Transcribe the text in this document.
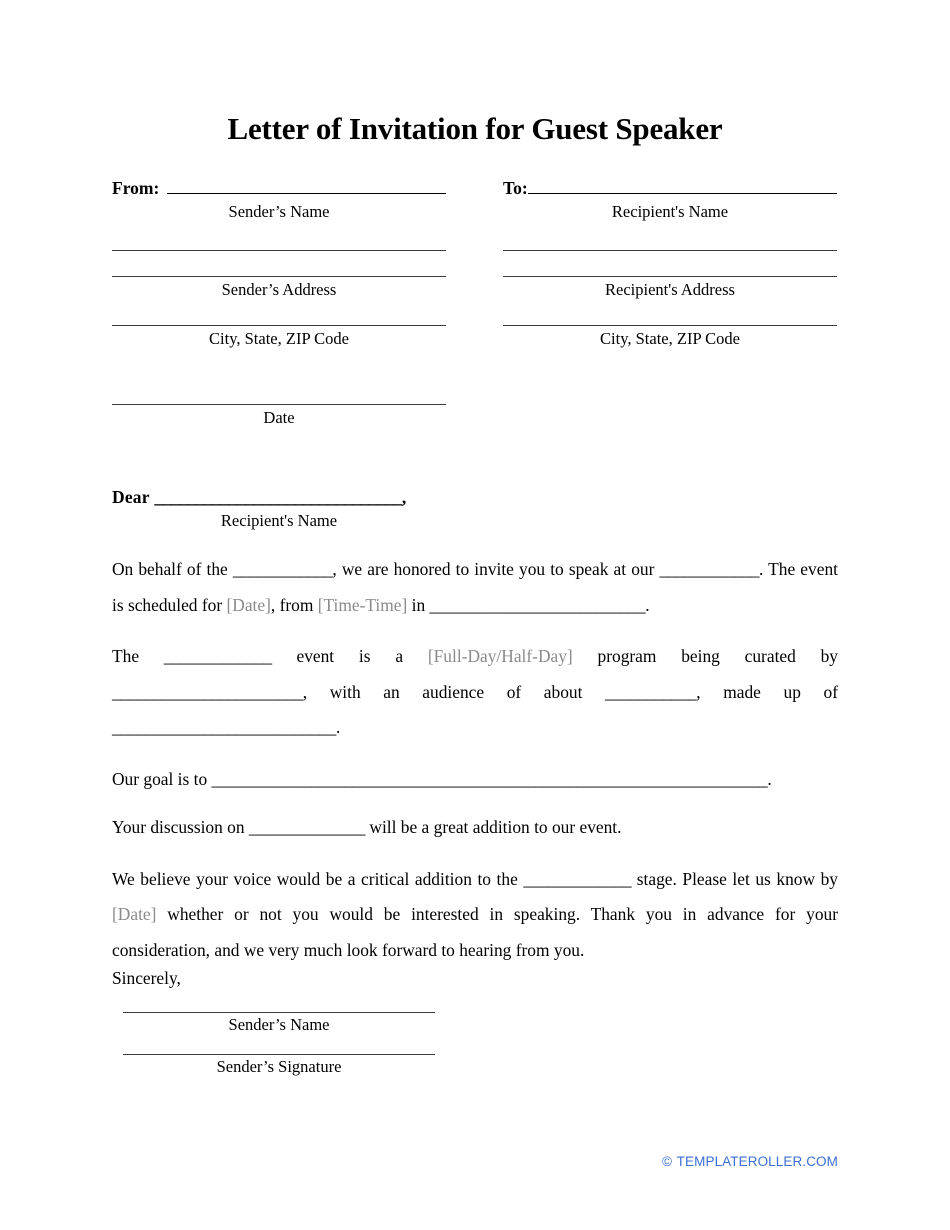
Letter of Invitation for Guest Speaker
From:
Sender’s Name
Sender’s Address
City, State, ZIP Code
To:
Recipient's Name
Recipient's Address
City, State, ZIP Code
Date
Dear ______________________________,
Recipient's Name

On behalf of the ____________, we are honored to invite you to speak at our ____________. The event is scheduled for [Date], from [Time-Time] in __________________________.

The _____________ event is a [Full-Day/Half-Day] program being curated by _______________________, with an audience of about ___________, made up of ___________________________.

Our goal is to ___________________________________________________________________.

Your discussion on ______________ will be a great addition to our event.

We believe your voice would be a critical addition to the _____________ stage. Please let us know by [Date] whether or not you would be interested in speaking. Thank you in advance for your consideration, and we very much look forward to hearing from you.

Sincerely,
Sender’s Name
Sender’s Signature
© TEMPLATEROLLER.COM
